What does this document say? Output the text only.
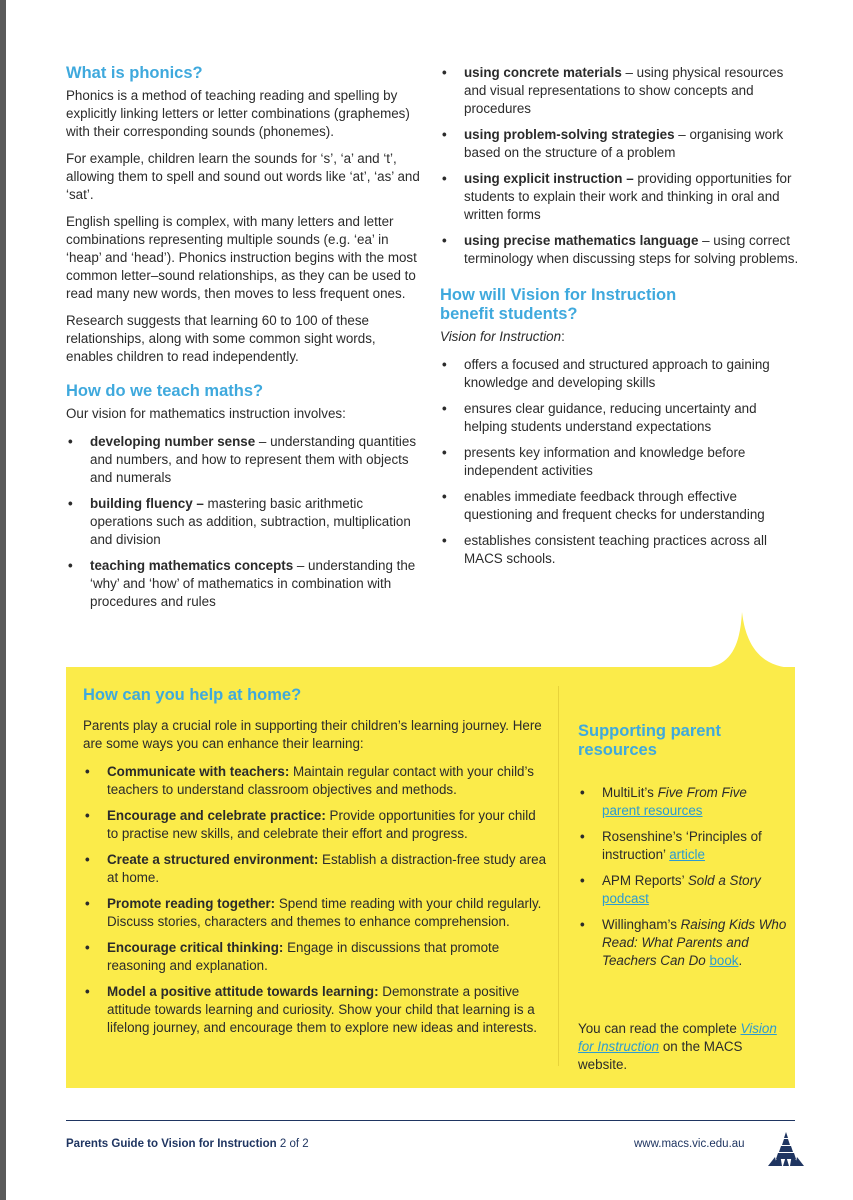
What is phonics?

Phonics is a method of teaching reading and spelling by explicitly linking letters or letter combinations (graphemes) with their corresponding sounds (phonemes).

For example, children learn the sounds for ‘s’, ‘a’ and ‘t’, allowing them to spell and sound out words like ‘at’, ‘as’ and ‘sat’.

English spelling is complex, with many letters and letter combinations representing multiple sounds (e.g. ‘ea’ in ‘heap’ and ‘head’). Phonics instruction begins with the most common letter–sound relationships, as they can be used to read many new words, then moves to less frequent ones.

Research suggests that learning 60 to 100 of these relationships, along with some common sight words, enables children to read independently.

How do we teach maths?

Our vision for mathematics instruction involves:

• developing number sense – understanding quantities and numbers, and how to represent them with objects and numerals
• building fluency – mastering basic arithmetic operations such as addition, subtraction, multiplication and division
• teaching mathematics concepts – understanding the ‘why’ and ‘how’ of mathematics in combination with procedures and rules
• using concrete materials – using physical resources and visual representations to show concepts and procedures
• using problem-solving strategies – organising work based on the structure of a problem
• using explicit instruction – providing opportunities for students to explain their work and thinking in oral and written forms
• using precise mathematics language – using correct terminology when discussing steps for solving problems.
How will Vision for Instruction benefit students?

Vision for Instruction:

• offers a focused and structured approach to gaining knowledge and developing skills
• ensures clear guidance, reducing uncertainty and helping students understand expectations
• presents key information and knowledge before independent activities
• enables immediate feedback through effective questioning and frequent checks for understanding
• establishes consistent teaching practices across all MACS schools.
How can you help at home?

Parents play a crucial role in supporting their children’s learning journey. Here are some ways you can enhance their learning:

• Communicate with teachers: Maintain regular contact with your child’s teachers to understand classroom objectives and methods.
• Encourage and celebrate practice: Provide opportunities for your child to practise new skills, and celebrate their effort and progress.
• Create a structured environment: Establish a distraction-free study area at home.
• Promote reading together: Spend time reading with your child regularly. Discuss stories, characters and themes to enhance comprehension.
• Encourage critical thinking: Engage in discussions that promote reasoning and explanation.
• Model a positive attitude towards learning: Demonstrate a positive attitude towards learning and curiosity. Show your child that learning is a lifelong journey, and encourage them to explore new ideas and interests.
Supporting parent resources
• MultiLit’s Five From Five
parent resources
• Rosenshine’s ‘Principles of instruction’ article
• APM Reports’ Sold a Story podcast
• Willingham’s Raising Kids Who Read: What Parents and Teachers Can Do book.

You can read the complete Vision for Instruction on the MACS website.

Parents Guide to Vision for Instruction 2 of 2	www.macs.vic.edu.au
